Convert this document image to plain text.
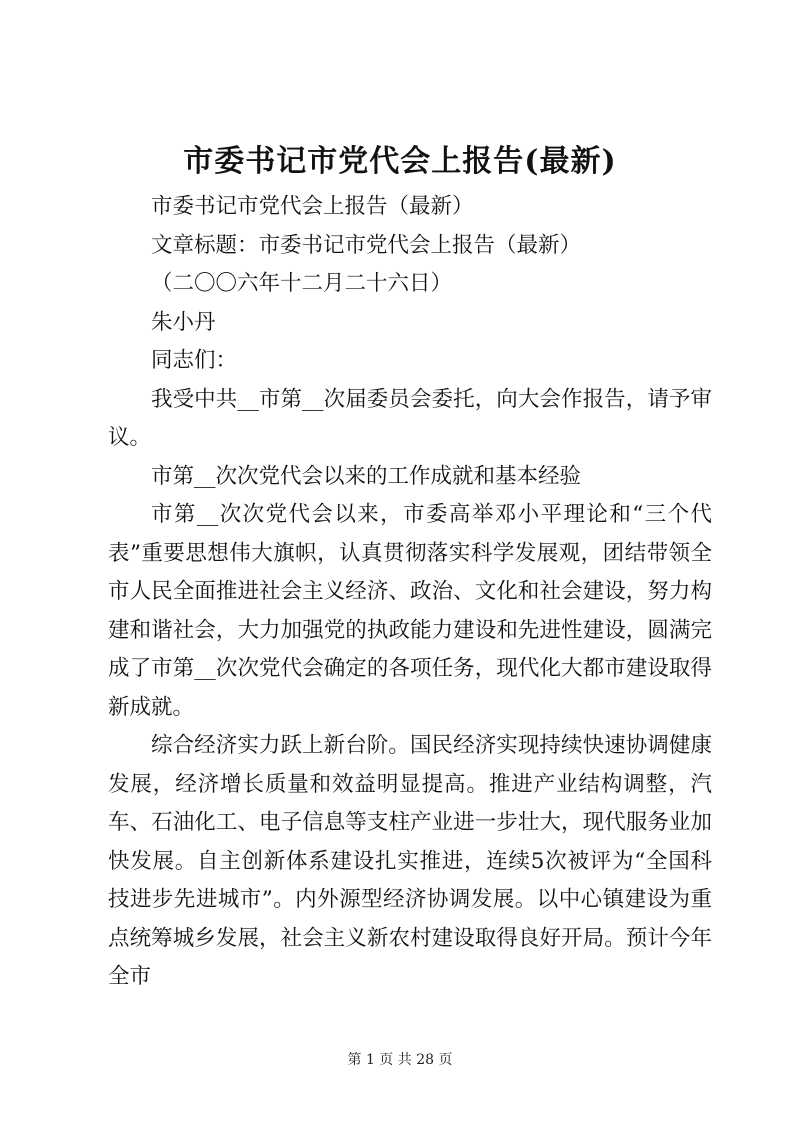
市委书记市党代会上报告(最新)

市委书记市党代会上报告（最新）

文章标题：市委书记市党代会上报告（最新）

（二〇〇六年十二月二十六日）

朱小丹

同志们：

我受中共__市第__次届委员会委托，向大会作报告，请予审议。

市第__次次党代会以来的工作成就和基本经验

市第__次次党代会以来，市委高举邓小平理论和“三个代表”重要思想伟大旗帜，认真贯彻落实科学发展观，团结带领全市人民全面推进社会主义经济、政治、文化和社会建设，努力构建和谐社会，大力加强党的执政能力建设和先进性建设，圆满完成了市第__次次党代会确定的各项任务，现代化大都市建设取得新成就。

综合经济实力跃上新台阶。国民经济实现持续快速协调健康发展，经济增长质量和效益明显提高。推进产业结构调整，汽车、石油化工、电子信息等支柱产业进一步壮大，现代服务业加快发展。自主创新体系建设扎实推进，连续5次被评为“全国科技进步先进城市”。内外源型经济协调发展。以中心镇建设为重点统筹城乡发展，社会主义新农村建设取得良好开局。预计今年全市

第 1 页 共 28 页
